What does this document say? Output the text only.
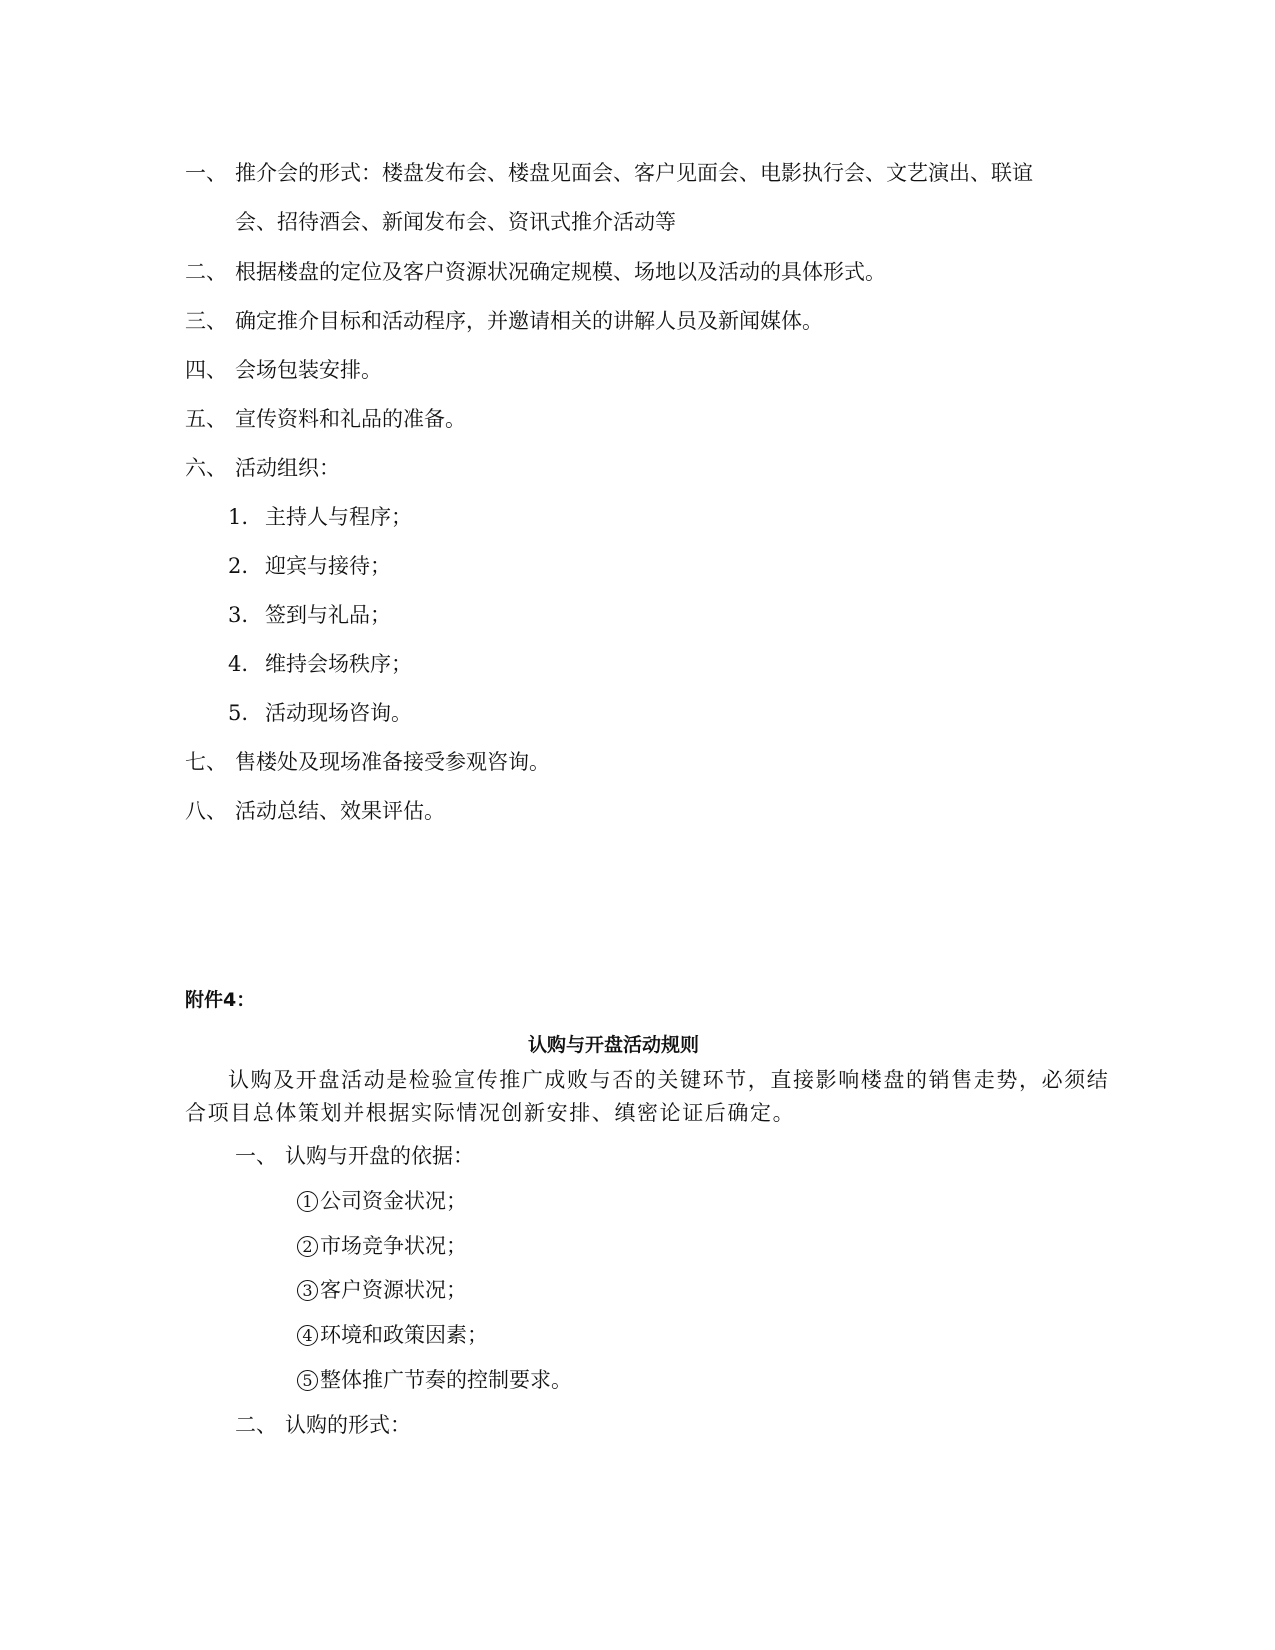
一、 推介会的形式：楼盘发布会、楼盘见面会、客户见面会、电影执行会、文艺演出、联谊
会、招待酒会、新闻发布会、资讯式推介活动等
二、 根据楼盘的定位及客户资源状况确定规模、场地以及活动的具体形式。
三、 确定推介目标和活动程序，并邀请相关的讲解人员及新闻媒体。
四、 会场包装安排。
五、 宣传资料和礼品的准备。
六、 活动组织：
1. 主持人与程序；
2. 迎宾与接待；
3. 签到与礼品；
4. 维持会场秩序；
5. 活动现场咨询。
七、 售楼处及现场准备接受参观咨询。
八、 活动总结、效果评估。
附件4：
认购与开盘活动规则
认购及开盘活动是检验宣传推广成败与否的关键环节，直接影响楼盘的销售走势，必须结
合项目总体策划并根据实际情况创新安排、缜密论证后确定。
一、 认购与开盘的依据：
1 公司资金状况；
2 市场竞争状况；
3 客户资源状况；
4 环境和政策因素；
5 整体推广节奏的控制要求。
二、 认购的形式：
